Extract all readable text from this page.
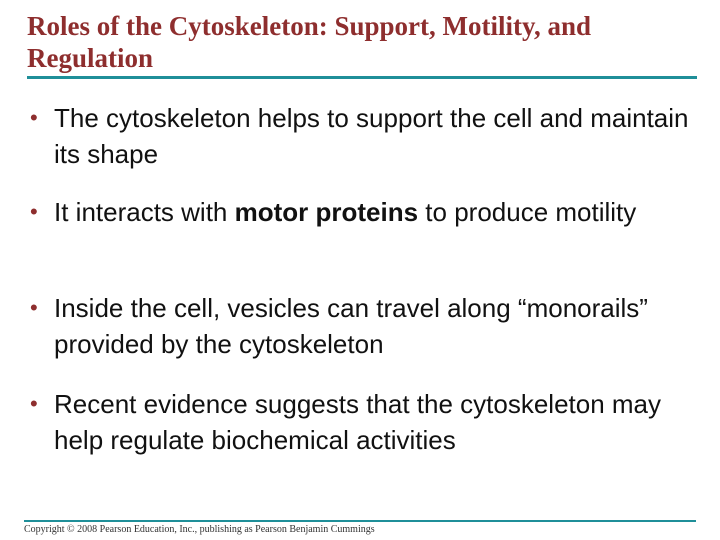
Roles of the Cytoskeleton: Support, Motility, and Regulation
• The cytoskeleton helps to support the cell and maintain its shape
• It interacts with motor proteins to produce motility
• Inside the cell, vesicles can travel along “monorails” provided by the cytoskeleton
• Recent evidence suggests that the cytoskeleton may help regulate biochemical activities
Copyright © 2008 Pearson Education, Inc., publishing as Pearson Benjamin Cummings
